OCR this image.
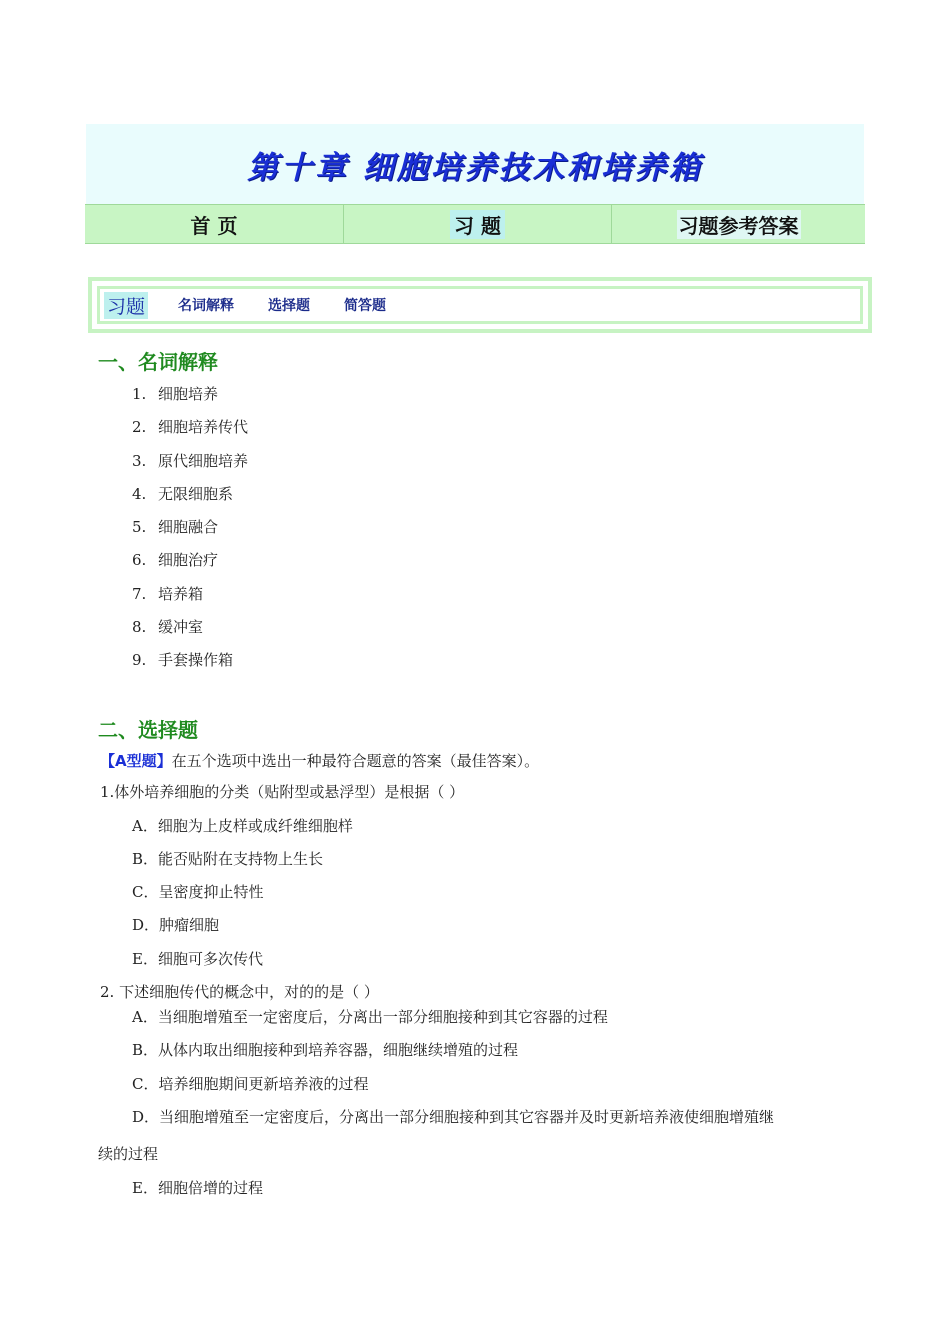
第十章 细胞培养技术和培养箱
首 页	习 题	习题参考答案
习题 名词解释 选择题 简答题
一、名词解释
1. 细胞培养
2. 细胞培养传代
3. 原代细胞培养
4. 无限细胞系
5. 细胞融合
6. 细胞治疗
7. 培养箱
8. 缓冲室
9. 手套操作箱
二、选择题
【A型题】在五个选项中选出一种最符合题意的答案（最佳答案）。
1.体外培养细胞的分类（贴附型或悬浮型）是根据（ ）
A．细胞为上皮样或成纤维细胞样
B．能否贴附在支持物上生长
C．呈密度抑止特性
D．肿瘤细胞
E．细胞可多次传代
2. 下述细胞传代的概念中，对的的是（ ）
A．当细胞增殖至一定密度后，分离出一部分细胞接种到其它容器的过程
B．从体内取出细胞接种到培养容器，细胞继续增殖的过程
C．培养细胞期间更新培养液的过程
D．当细胞增殖至一定密度后，分离出一部分细胞接种到其它容器并及时更新培养液使细胞增殖继
续的过程
E．细胞倍增的过程
